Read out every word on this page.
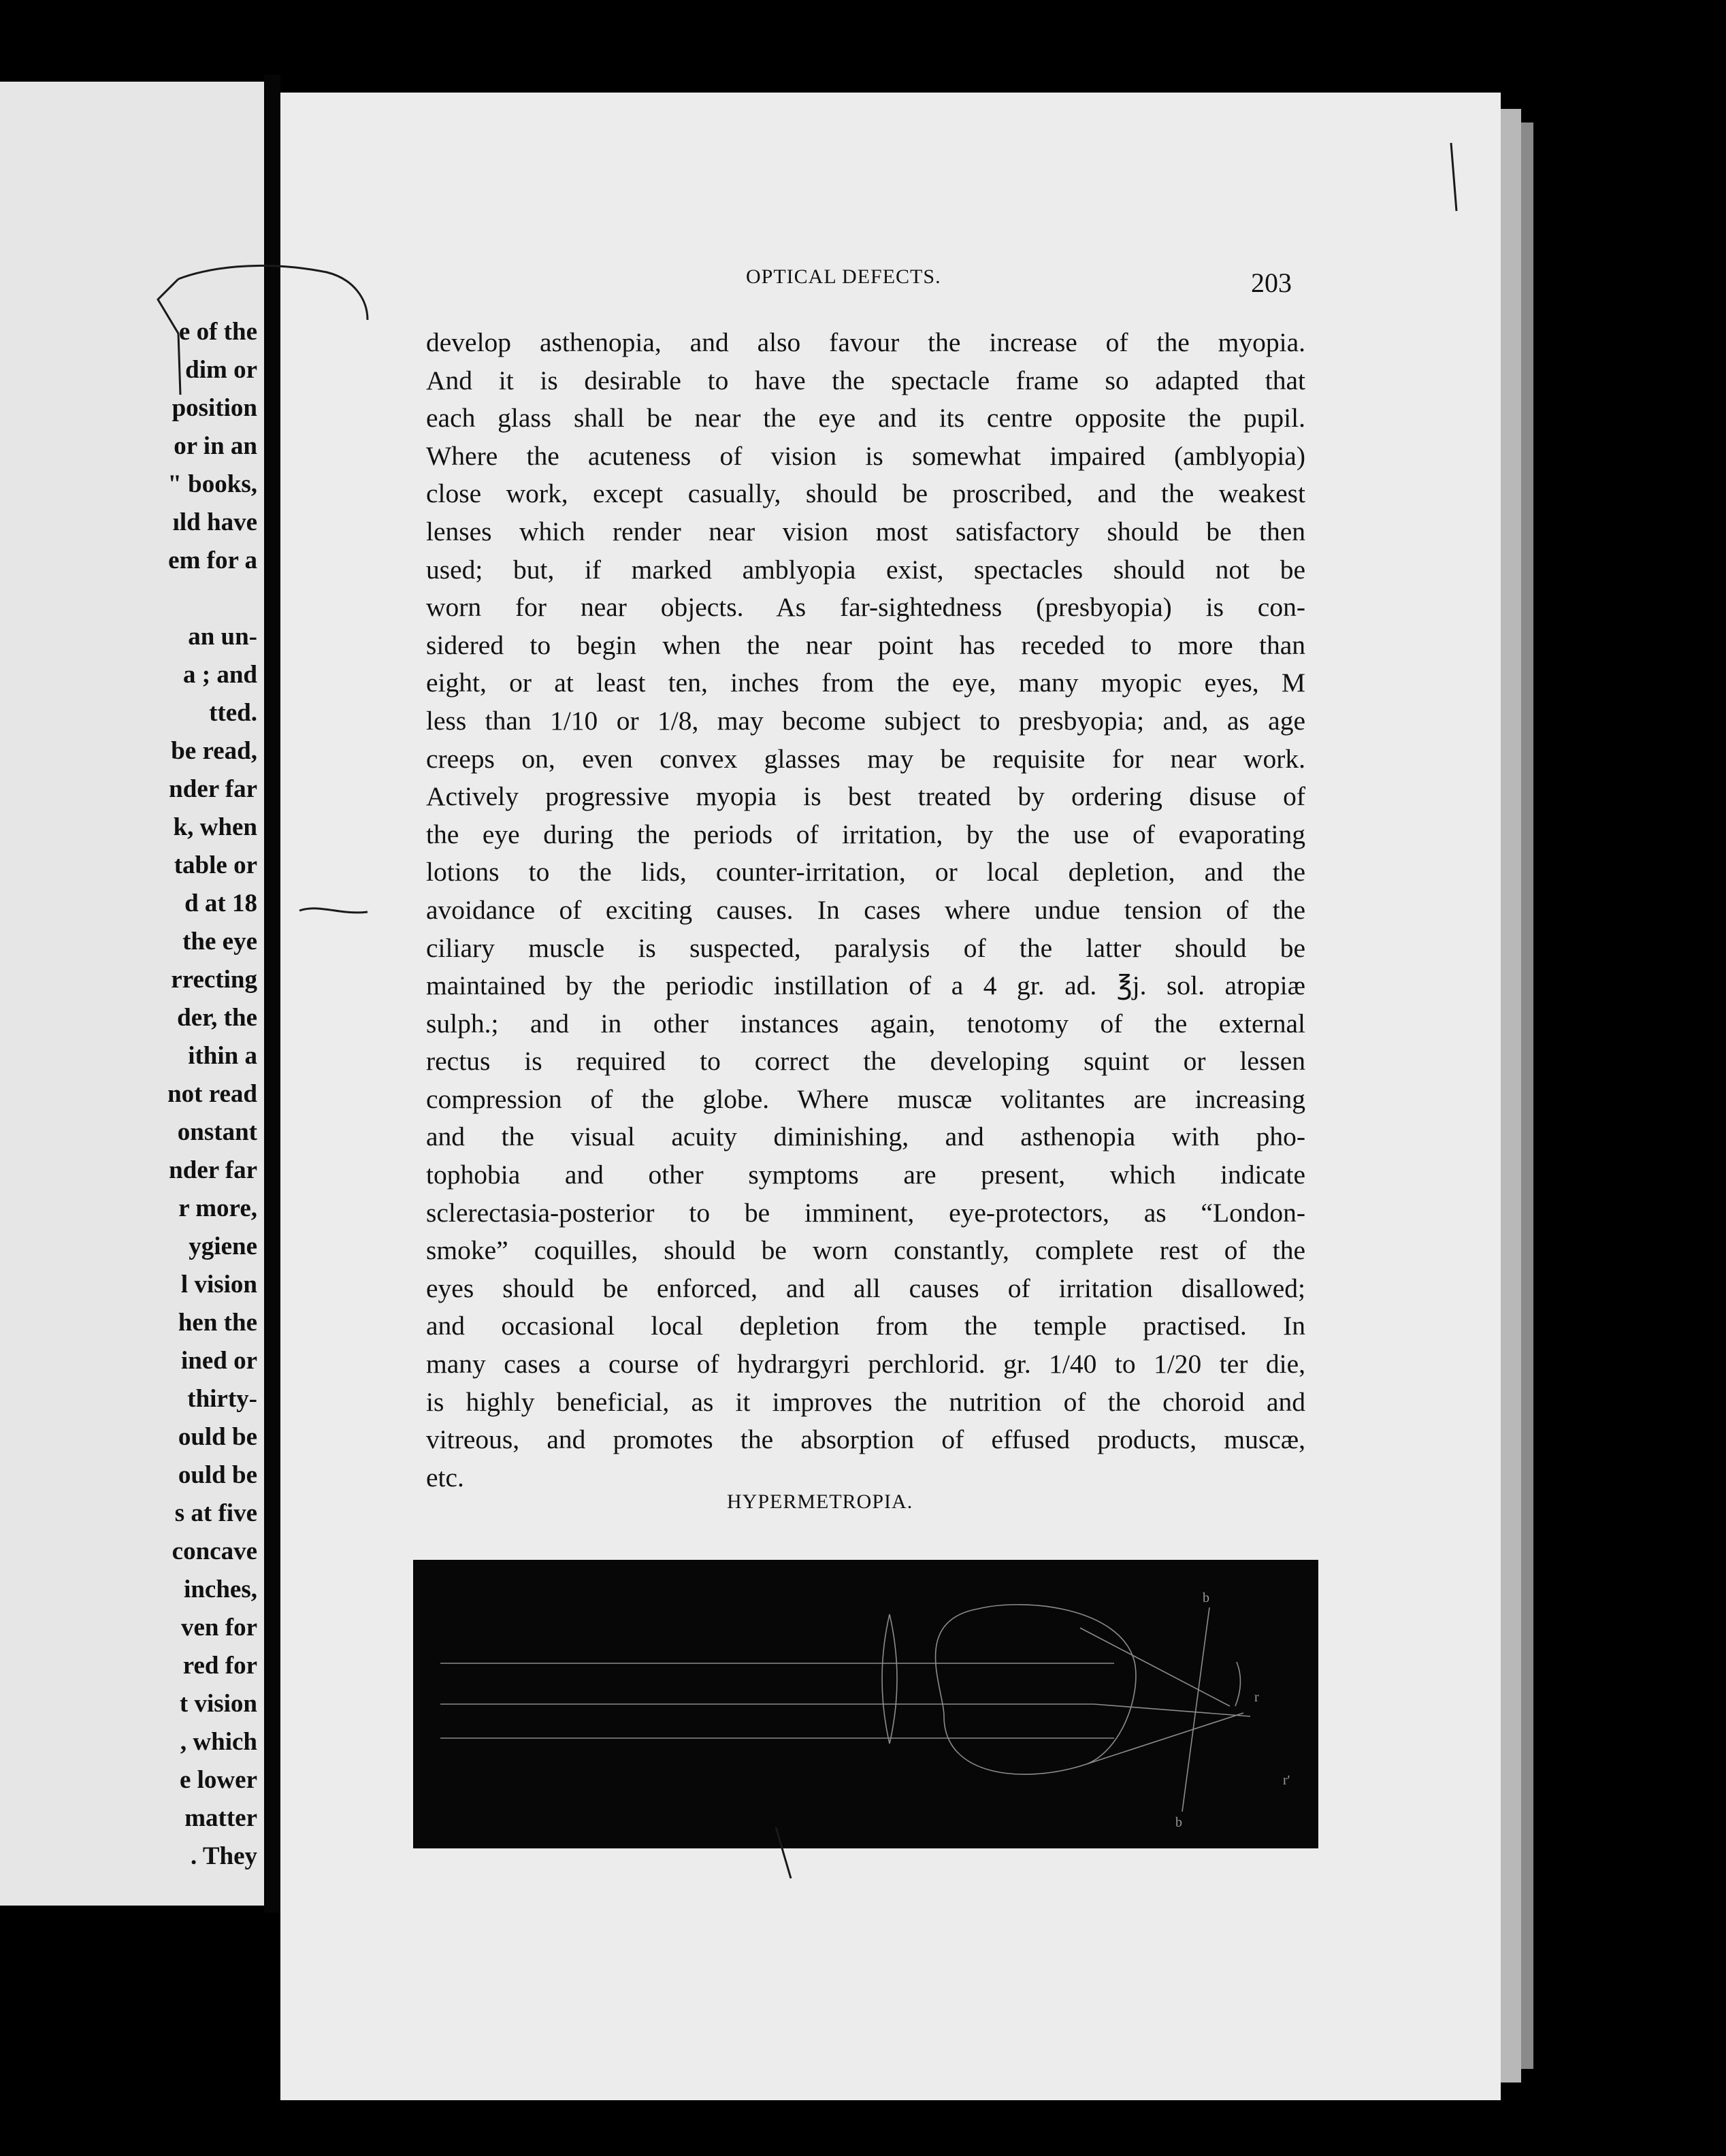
e of the
dim or
position
or in an
" books,
ıld have
em for a

an un-
a ; and
tted.
be read,
nder far
k, when
table or
d at 18
the eye
rrecting
der, the
ithin a
not read
onstant
nder far
r more,
ygiene
l vision
hen the
ined or
thirty-
ould be
ould be
s at five
concave
inches,
ven for
red for
t vision
, which
e lower
matter
. They
OPTICAL DEFECTS.	203
develop asthenopia, and also favour the increase of the myopia.
And it is desirable to have the spectacle frame so adapted that
each glass shall be near the eye and its centre opposite the pupil.
Where the acuteness of vision is somewhat impaired (amblyopia)
close work, except casually, should be proscribed, and the weakest
lenses which render near vision most satisfactory should be then
used; but, if marked amblyopia exist, spectacles should not be
worn for near objects. As far-sightedness (presbyopia) is con-
sidered to begin when the near point has receded to more than
eight, or at least ten, inches from the eye, many myopic eyes, M
less than 1/10 or 1/8, may become subject to presbyopia; and, as age
creeps on, even convex glasses may be requisite for near work.
Actively progressive myopia is best treated by ordering disuse of
the eye during the periods of irritation, by the use of evaporating
lotions to the lids, counter-irritation, or local depletion, and the
avoidance of exciting causes. In cases where undue tension of the
ciliary muscle is suspected, paralysis of the latter should be
maintained by the periodic instillation of a 4 gr. ad. ℥j. sol. atropiæ
sulph.; and in other instances again, tenotomy of the external
rectus is required to correct the developing squint or lessen
compression of the globe. Where muscæ volitantes are increasing
and the visual acuity diminishing, and asthenopia with pho-
tophobia and other symptoms are present, which indicate
sclerectasia-posterior to be imminent, eye-protectors, as “London-
smoke” coquilles, should be worn constantly, complete rest of the
eyes should be enforced, and all causes of irritation disallowed;
and occasional local depletion from the temple practised. In
many cases a course of hydrargyri perchlorid. gr. 1/40 to 1/20 ter die,
is highly beneficial, as it improves the nutrition of the choroid and
vitreous, and promotes the absorption of effused products, muscæ,
etc.
HYPERMETROPIA.
b
b
r
r'
